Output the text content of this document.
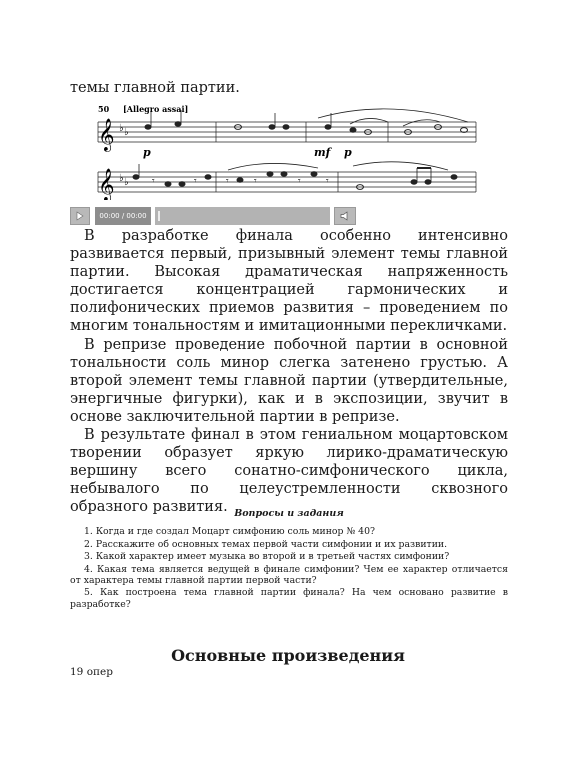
темы главной партии.

50 [Allegro assai]
𝄞 ♭ ♭
p	mf p
𝄞 ♭ ♭ 𝄾	𝄾	𝄾	𝄾	𝄾	𝄾
00:00 / 00:00

В разработке финала особенно интенсивно развивается первый, призывный элемент темы главной партии. Высокая драматическая напряженность достигается концентрацией гармонических и полифонических приемов развития – проведением по многим тональностям и имитационными перекличками.

В репризе проведение побочной партии в основной тональности соль минор слегка затенено грустью. А второй элемент темы главной партии (утвердительные, энергичные фигурки), как и в экспозиции, звучит в основе заключительной партии в репризе.

В результате финал в этом гениальном моцартовском творении образует яркую лирико-драматическую вершину всего сонатно-симфонического цикла, небывалого по целеустремленности сквозного образного развития. Вопросы и задания

1. Когда и где создал Моцарт симфонию соль минор № 40?

2. Расскажите об основных темах первой части симфонии и их развитии.

3. Какой характер имеет музыка во второй и в третьей частях симфонии?

4. Какая тема является ведущей в финале симфонии? Чем ее характер отличается от характера темы главной партии первой части?

5. Как построена тема главной партии финала? На чем основано развитие в разработке?

Основные произведения

19 опер
